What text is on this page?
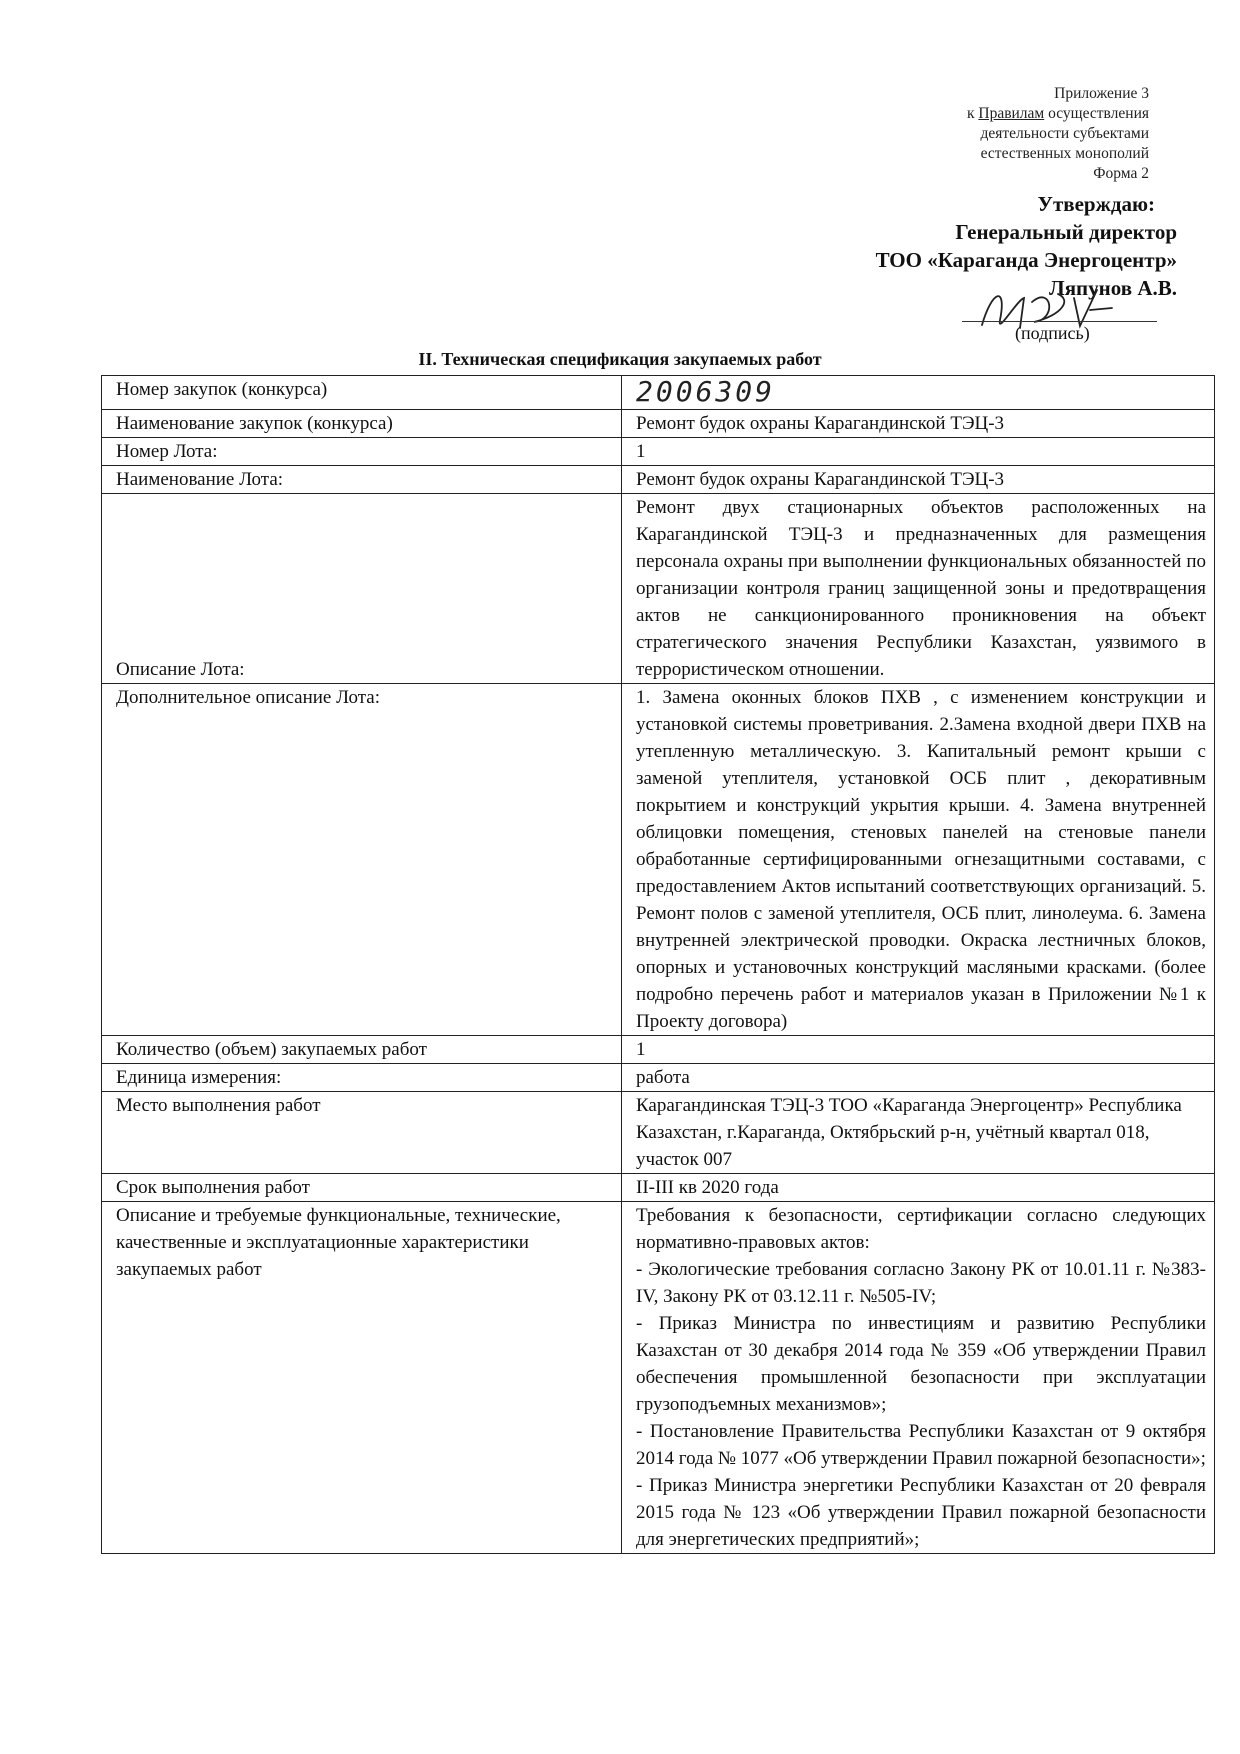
Приложение 3
к Правилам осуществления
деятельности субъектами
естественных монополий
Форма 2
Утверждаю:
Генеральный директор
ТОО «Караганда Энергоцентр»
Ляпунов А.В.
(подпись)
II. Техническая спецификация закупаемых работ
Номер закупок (конкурса)	2006309
Наименование закупок (конкурса)	Ремонт будок охраны Карагандинской ТЭЦ-3
Номер Лота:	1
Наименование Лота:	Ремонт будок охраны Карагандинской ТЭЦ-3
Описание Лота:	Ремонт двух стационарных объектов расположенных на Карагандинской ТЭЦ-3 и предназначенных для размещения персонала охраны при выполнении функциональных обязанностей по организации контроля границ защищенной зоны и предотвращения актов не санкционированного проникновения на объект стратегического значения Республики Казахстан, уязвимого в террористическом отношении.
Дополнительное описание Лота:	1. Замена оконных блоков ПХВ , с изменением конструкции и установкой системы проветривания. 2.Замена входной двери ПХВ на утепленную металлическую. 3. Капитальный ремонт крыши с заменой утеплителя, установкой ОСБ плит , декоративным покрытием и конструкций укрытия крыши. 4. Замена внутренней облицовки помещения, стеновых панелей на стеновые панели обработанные сертифицированными огнезащитными составами, с предоставлением Актов испытаний соответствующих организаций. 5. Ремонт полов с заменой утеплителя, ОСБ плит, линолеума. 6. Замена внутренней электрической проводки. Окраска лестничных блоков, опорных и установочных конструкций масляными красками. (более подробно перечень работ и материалов указан в Приложении №1 к Проекту договора)
Количество (объем) закупаемых работ	1
Единица измерения:	работа
Место выполнения работ	Карагандинская ТЭЦ-3 ТОО «Караганда Энергоцентр» Республика Казахстан, г.Караганда, Октябрьский р-н, учётный квартал 018, участок 007
Срок выполнения работ	II-III кв 2020 года
Описание и требуемые функциональные, технические, качественные и эксплуатационные характеристики закупаемых работ	Требования к безопасности, сертификации согласно следующих нормативно-правовых актов:
- Экологические требования согласно Закону РК от 10.01.11 г. №383-IV, Закону РК от 03.12.11 г. №505-IV;
- Приказ Министра по инвестициям и развитию Республики Казахстан от 30 декабря 2014 года № 359 «Об утверждении Правил обеспечения промышленной безопасности при эксплуатации грузоподъемных механизмов»;
- Постановление Правительства Республики Казахстан от 9 октября 2014 года № 1077 «Об утверждении Правил пожарной безопасности»;
- Приказ Министра энергетики Республики Казахстан от 20 февраля 2015 года № 123 «Об утверждении Правил пожарной безопасности для энергетических предприятий»;
